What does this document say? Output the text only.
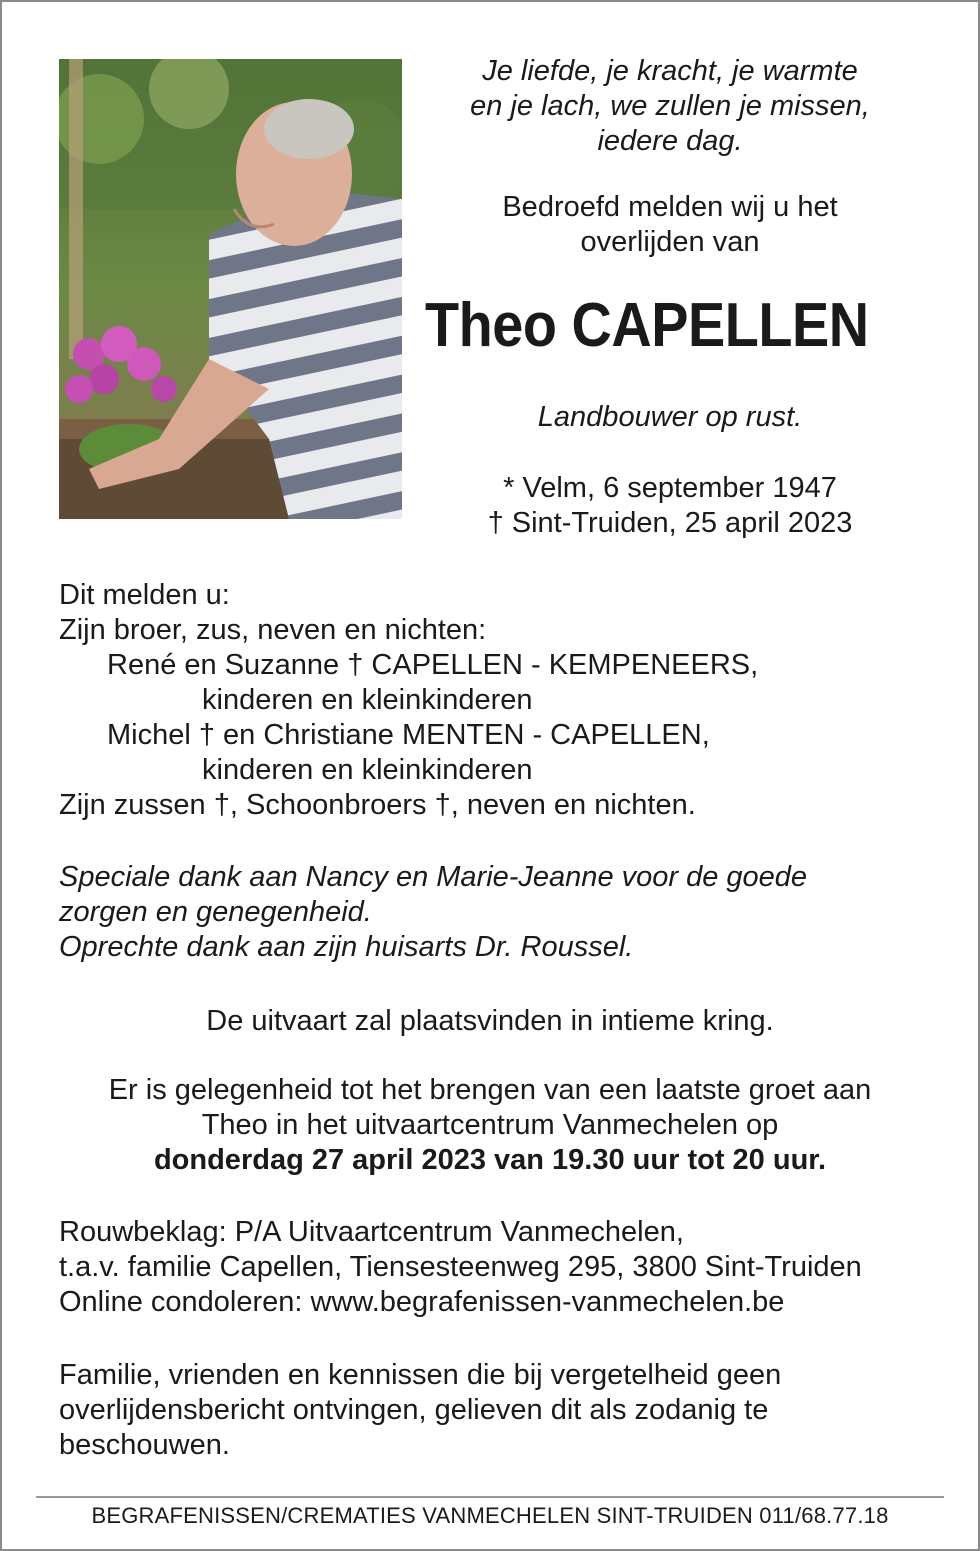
Je liefde, je kracht, je warmte

en je lach, we zullen je missen,

iedere dag.

Bedroefd melden wij u het

overlijden van

Theo CAPELLEN

Landbouwer op rust.

* Velm, 6 september 1947

† Sint-Truiden, 25 april 2023

Dit melden u:

Zijn broer, zus, neven en nichten:

René en Suzanne † CAPELLEN - KEMPENEERS,

kinderen en kleinkinderen

Michel † en Christiane MENTEN - CAPELLEN,

kinderen en kleinkinderen

Zijn zussen †, Schoonbroers †, neven en nichten.

Speciale dank aan Nancy en Marie-Jeanne voor de goede

zorgen en genegenheid.

Oprechte dank aan zijn huisarts Dr. Roussel.

De uitvaart zal plaatsvinden in intieme kring.

Er is gelegenheid tot het brengen van een laatste groet aan

Theo in het uitvaartcentrum Vanmechelen op

donderdag 27 april 2023 van 19.30 uur tot 20 uur.

Rouwbeklag: P/A Uitvaartcentrum Vanmechelen,

t.a.v. familie Capellen, Tiensesteenweg 295, 3800 Sint-Truiden

Online condoleren: www.begrafenissen-vanmechelen.be

Familie, vrienden en kennissen die bij vergetelheid geen

overlijdensbericht ontvingen, gelieven dit als zodanig te

beschouwen.

BEGRAFENISSEN/CREMATIES VANMECHELEN SINT-TRUIDEN 011/68.77.18
